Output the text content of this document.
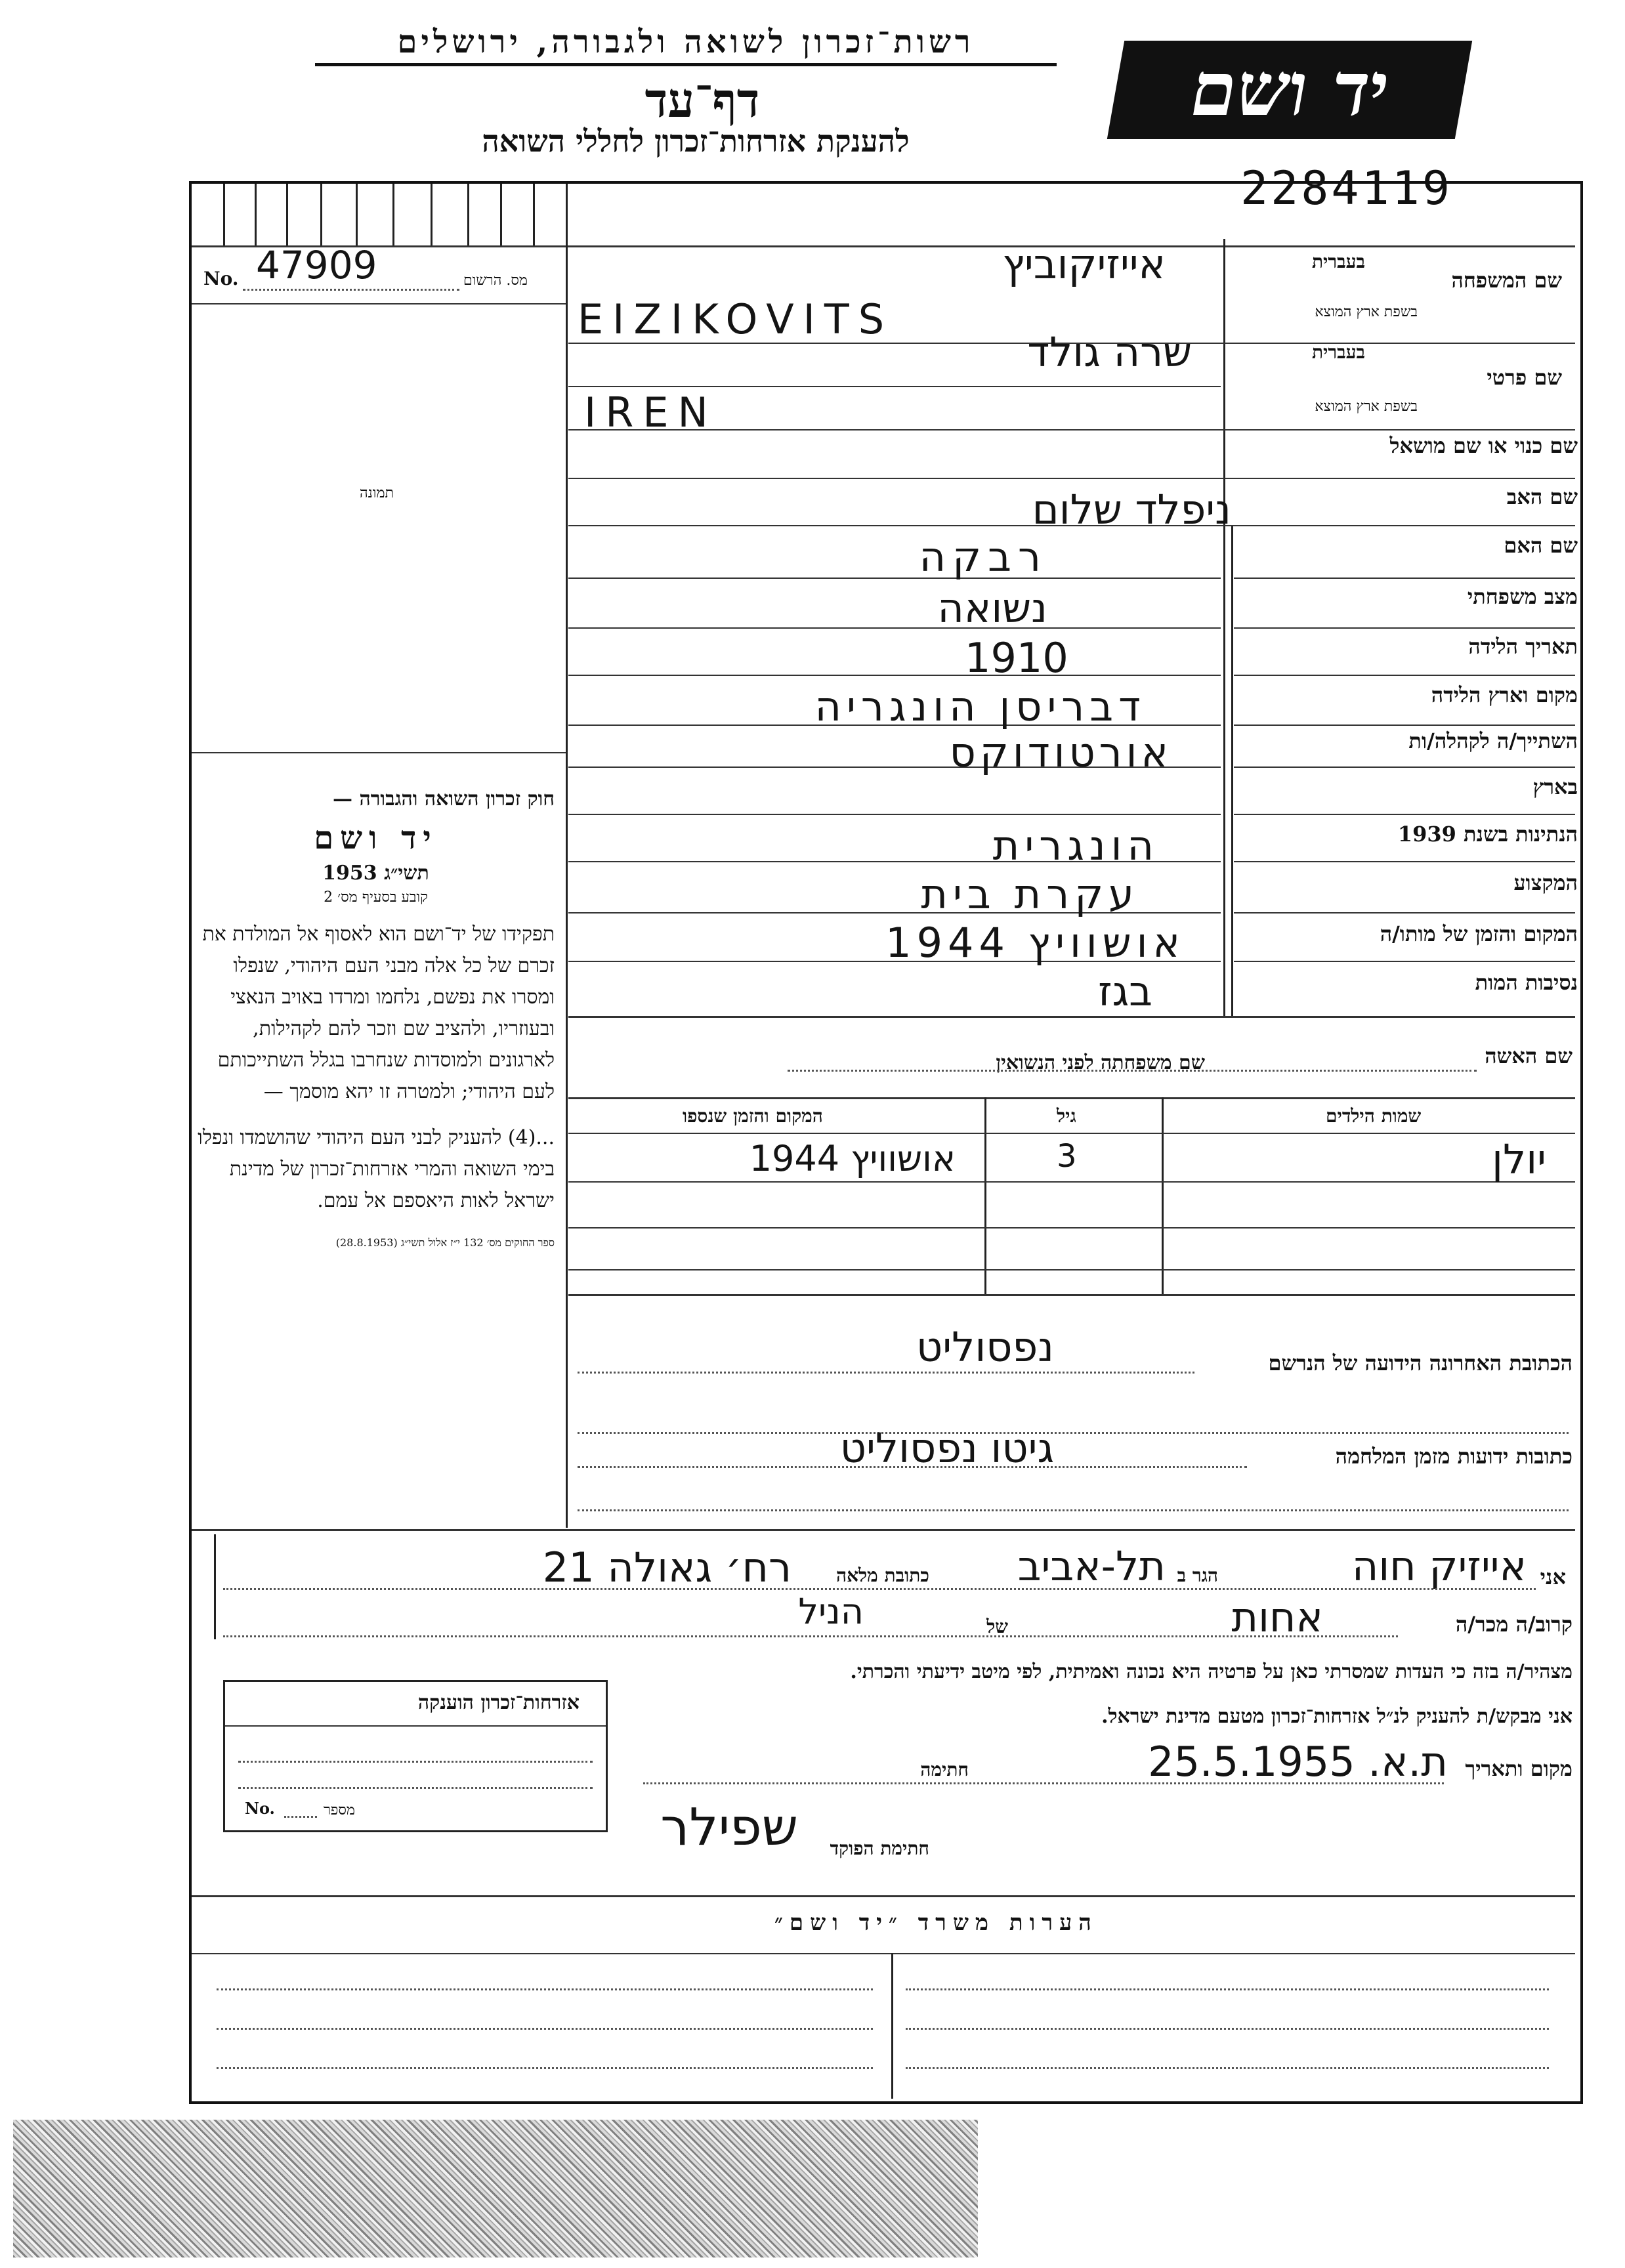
רשות־זכרון לשואה ולגבורה, ירושלים
דף־עד
להענקת אזרחות־זכרון לחללי השואה
יד ושם
2284119
No. 47909	מס. הרשום
תמונה
חוק זכרון השואה והגבורה —
יד ושם
תשי״ג 1953
קובע בסעיף מס׳ 2
תפקידו של יד־ושם הוא לאסוף אל המולדת את זכרם של כל אלה מבני העם היהודי, שנפלו ומסרו את נפשם, נלחמו ומרדו באויב הנאצי ובעוזריו, ולהציב שם וזכר להם לקהילות, לארגונים ולמוסדות שנחרבו בגלל השתייכותם לעם היהודי; ולמטרה זו יהא מוסמך —
...(4) להעניק לבני העם היהודי שהושמדו ונפלו בימי השואה והמרי אזרחות־זכרון של מדינת ישראל לאות היאספם אל עמם.
ספר החוקים מס׳ 132 י״ז אלול תשי״ג (28.8.1953)
שם המשפחה
בעברית
בשפת ארץ המוצא
שם פרטי
בעברית
בשפת ארץ המוצא
שם כנוי או שם מושאל
שם האב
שם האם
מצב משפחתי
תאריך הלידה
מקום וארץ הלידה
השתייך/ה לקהלה/ות
בארץ
הנתינות בשנת 1939
המקצוע
המקום והזמן של מותו/ה
נסיבות המות
אייזיקוביץ
EIZIKOVITS
שרה גולד
IREN
ניפלד שלום
רבקה
נשואה
1910
דבריסן הונגריה
אורטודוקס
הונגרית
עקרת בית
אושוויץ 1944
בגז
שם האשה
שם משפחתה לפני הנשואין
שמות הילדים
גיל
המקום והזמן שנספו
יולן
3
אושוויץ 1944
הכתובת האחרונה הידועה של הנרשם
נפסוליט
כתובות ידועות מזמן המלחמה
גיטו נפסוליט
אני
אייזיק חוה
הגר ב
תל-אביב
כתובת מלאה
רח׳ גאולה 21
קרוב/ה מכר/ה
אחות
של
הניל
מצהיר/ה בזה כי העדות שמסרתי כאן על פרטיה היא נכונה ואמיתית, לפי מיטב ידיעתי והכרתי.
אני מבקש/ת להעניק לנ״ל אזרחות־זכרון מטעם מדינת ישראל.
מקום ותאריך
ת.א. 25.5.1955
חתימה
חתימת הפוקד
שפילר
אזרחות־זכרון הוענקה
No.	מספר
הערות משרד ״יד ושם״
